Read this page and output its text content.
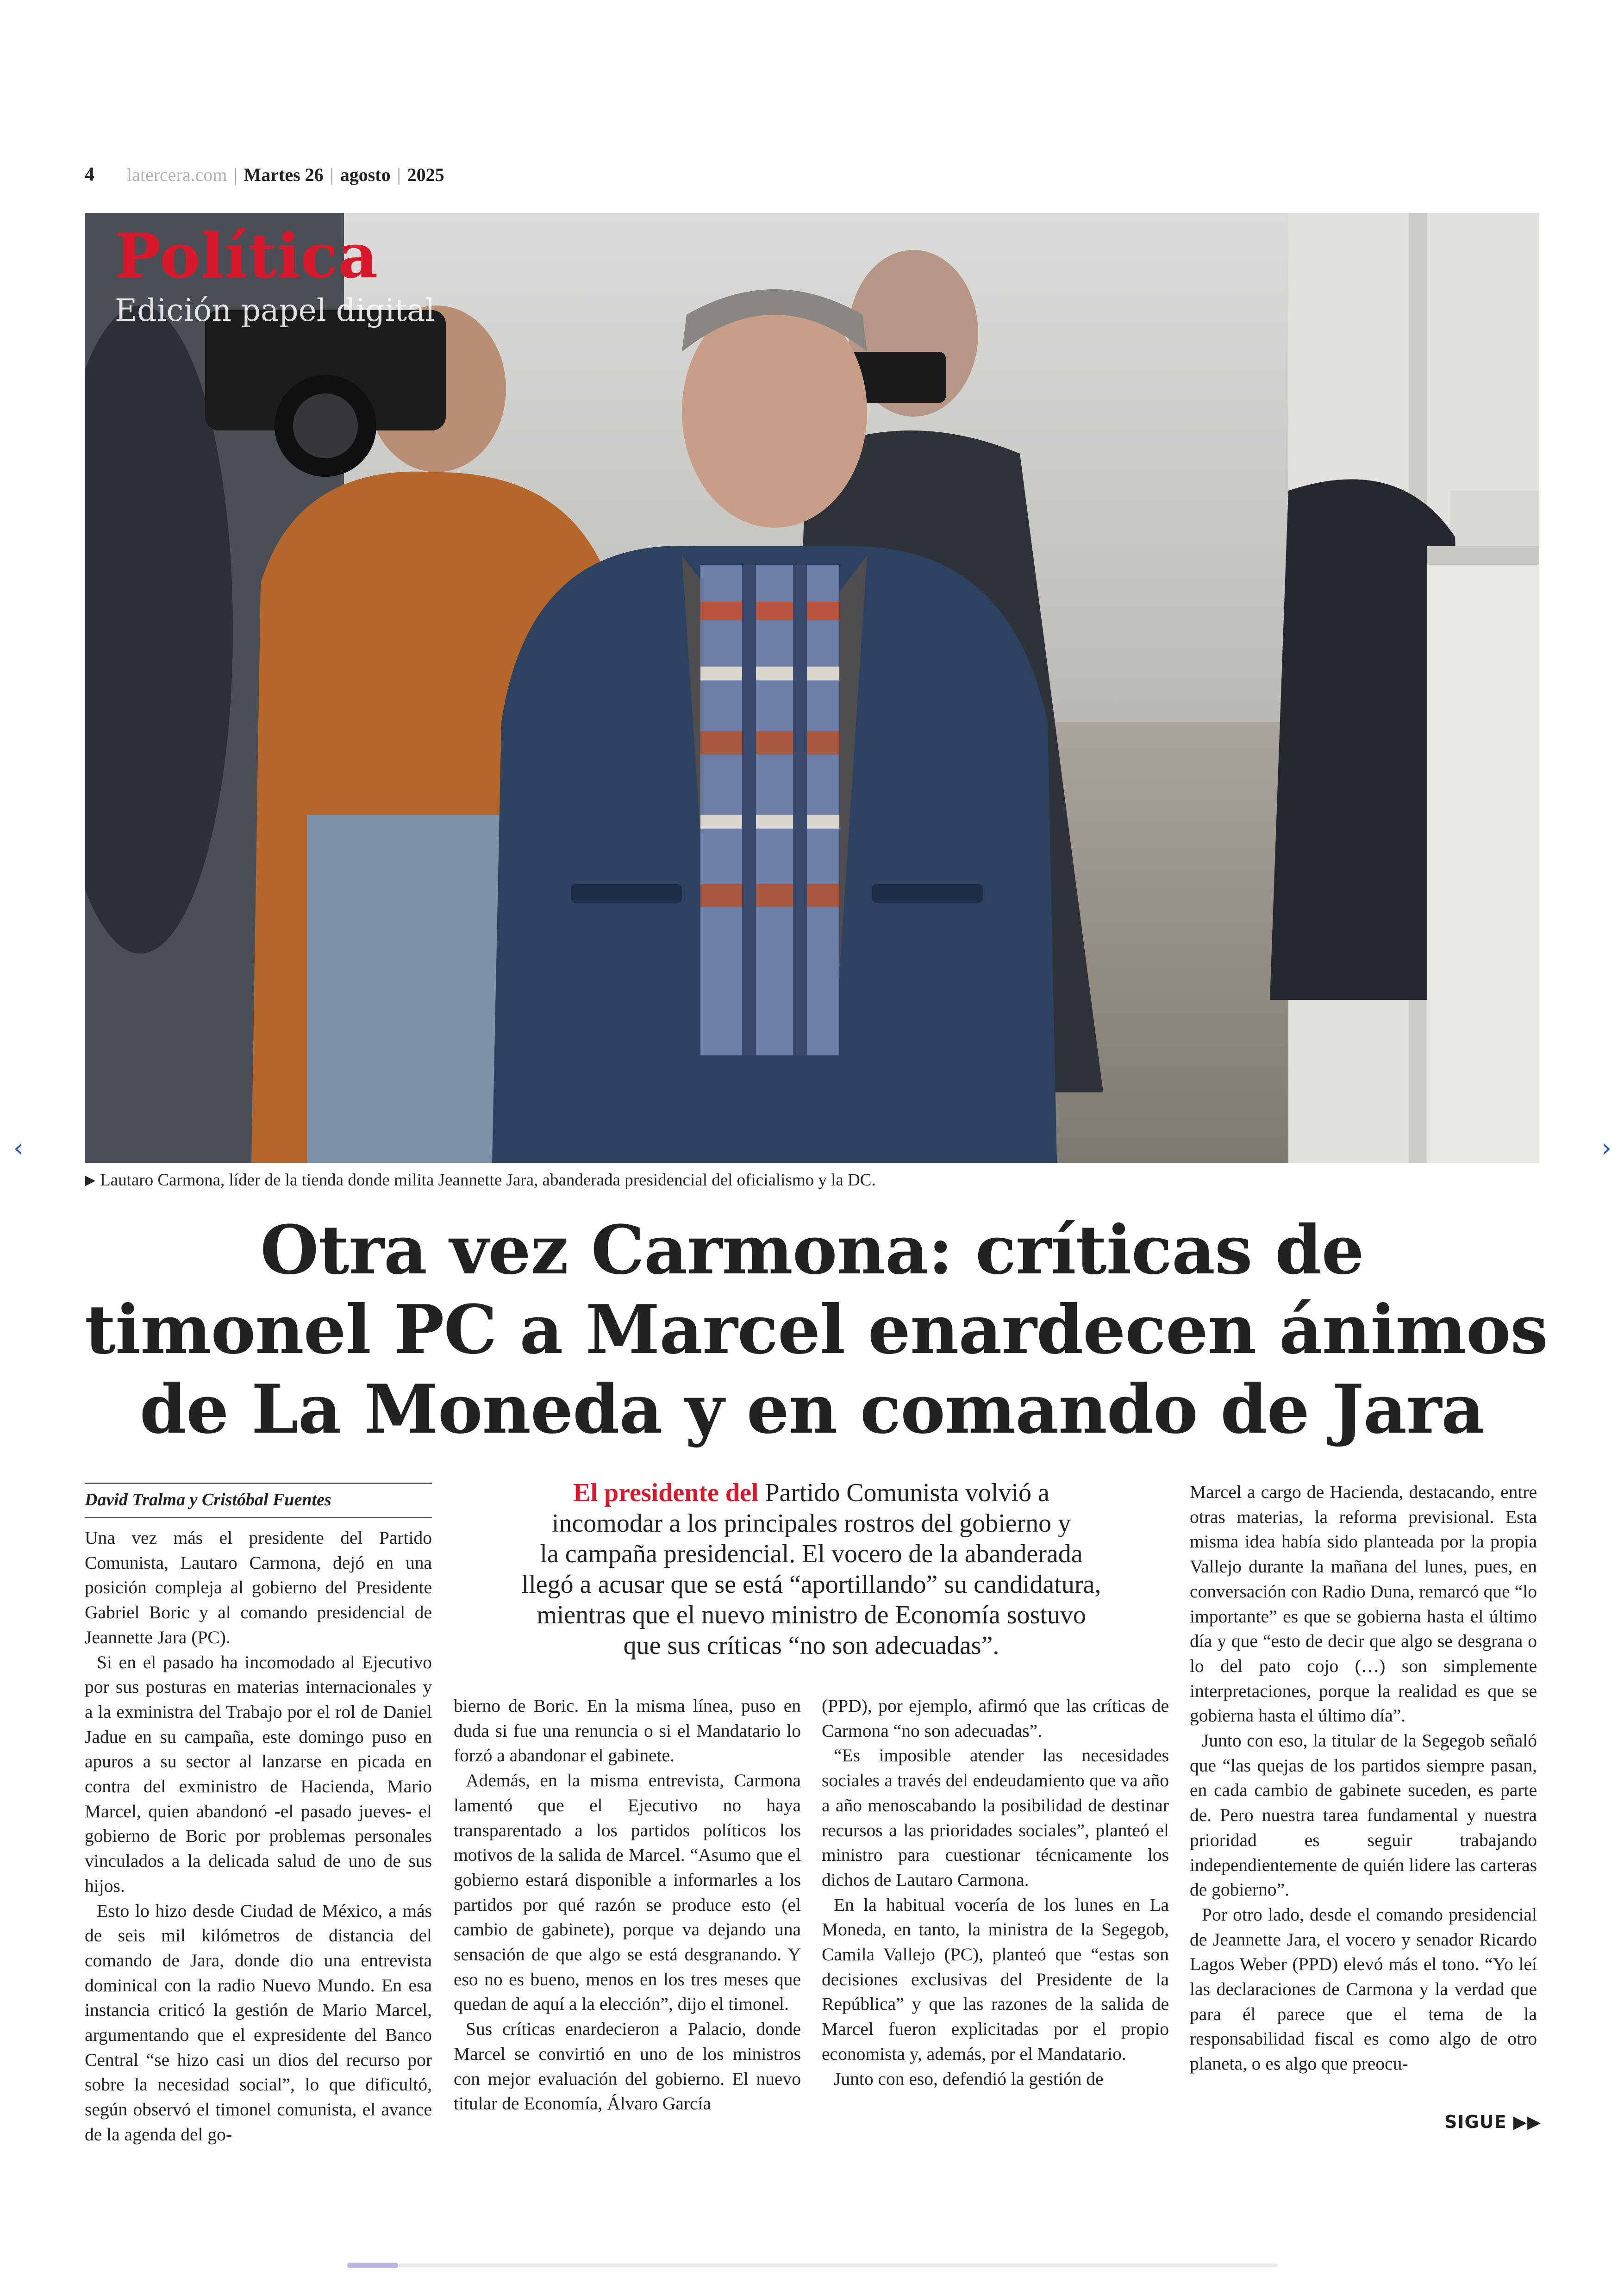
4 latercera.com | Martes 26 | agosto | 2025
Política
Edición papel digital
▶ Lautaro Carmona, líder de la tienda donde milita Jeannette Jara, abanderada presidencial del oficialismo y la DC.
Otra vez Carmona: críticas de
timonel PC a Marcel enardecen ánimos
de La Moneda y en comando de Jara
David Tralma y Cristóbal Fuentes	El presidente del Partido Comunista volvió a
incomodar a los principales rostros del gobierno y
la campaña presidencial. El vocero de la abanderada
llegó a acusar que se está “aportillando” su candidatura,
mientras que el nuevo ministro de Economía sostuvo
que sus críticas “no son adecuadas”.

Una vez más el presidente del Partido Comunista, Lautaro Carmona, dejó en una posición compleja al gobierno del Presidente Gabriel Boric y al comando presidencial de Jeannette Jara (PC).

Si en el pasado ha incomodado al Ejecutivo por sus posturas en materias internacionales y a la exministra del Trabajo por el rol de Daniel Jadue en su campaña, este domingo puso en apuros a su sector al lanzarse en picada en contra del exministro de Hacienda, Mario Marcel, quien abandonó -el pasado jueves- el gobierno de Boric por problemas personales vinculados a la delicada salud de uno de sus hijos.

Esto lo hizo desde Ciudad de México, a más de seis mil kilómetros de distancia del comando de Jara, donde dio una entrevista dominical con la radio Nuevo Mundo. En esa instancia criticó la gestión de Mario Marcel, argumentando que el expresidente del Banco Central “se hizo casi un dios del recurso por sobre la necesidad social”, lo que dificultó, según observó el timonel comunista, el avance de la agenda del go-

bierno de Boric. En la misma línea, puso en duda si fue una renuncia o si el Mandatario lo forzó a abandonar el gabinete.

Además, en la misma entrevista, Carmona lamentó que el Ejecutivo no haya transparentado a los partidos políticos los motivos de la salida de Marcel. “Asumo que el gobierno estará disponible a informarles a los partidos por qué razón se produce esto (el cambio de gabinete), porque va dejando una sensación de que algo se está desgranando. Y eso no es bueno, menos en los tres meses que quedan de aquí a la elección”, dijo el timonel.

Sus críticas enardecieron a Palacio, donde Marcel se convirtió en uno de los ministros con mejor evaluación del gobierno. El nuevo titular de Economía, Álvaro García

(PPD), por ejemplo, afirmó que las críticas de Carmona “no son adecuadas”.

“Es imposible atender las necesidades sociales a través del endeudamiento que va año a año menoscabando la posibilidad de destinar recursos a las prioridades sociales”, planteó el ministro para cuestionar técnicamente los dichos de Lautaro Carmona.

En la habitual vocería de los lunes en La Moneda, en tanto, la ministra de la Segegob, Camila Vallejo (PC), planteó que “estas son decisiones exclusivas del Presidente de la República” y que las razones de la salida de Marcel fueron explicitadas por el propio economista y, además, por el Mandatario.

Junto con eso, defendió la gestión de

Marcel a cargo de Hacienda, destacando, entre otras materias, la reforma previsional. Esta misma idea había sido planteada por la propia Vallejo durante la mañana del lunes, pues, en conversación con Radio Duna, remarcó que “lo importante” es que se gobierna hasta el último día y que “esto de decir que algo se desgrana o lo del pato cojo (…) son simplemente interpretaciones, porque la realidad es que se gobierna hasta el último día”.

Junto con eso, la titular de la Segegob señaló que “las quejas de los partidos siempre pasan, en cada cambio de gabinete suceden, es parte de. Pero nuestra tarea fundamental y nuestra prioridad es seguir trabajando independientemente de quién lidere las carteras de gobierno”.

Por otro lado, desde el comando presidencial de Jeannette Jara, el vocero y senador Ricardo Lagos Weber (PPD) elevó más el tono. “Yo leí las declaraciones de Carmona y la verdad que para él parece que el tema de la responsabilidad fiscal es como algo de otro planeta, o es algo que preocu-

SIGUE ▶▶
‹	›
